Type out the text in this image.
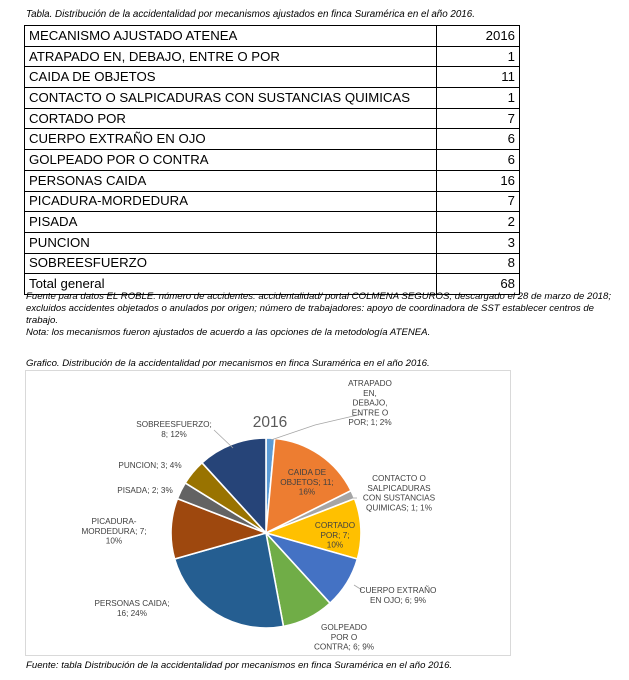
Tabla. Distribución de la accidentalidad por mecanismos ajustados en finca Suramérica en el año 2016.
MECANISMO AJUSTADO ATENEA	2016
ATRAPADO EN, DEBAJO, ENTRE O POR	1
CAIDA DE OBJETOS	11
CONTACTO O SALPICADURAS CON SUSTANCIAS QUIMICAS	1
CORTADO POR	7
CUERPO EXTRAÑO EN OJO	6
GOLPEADO POR O CONTRA	6
PERSONAS CAIDA	16
PICADURA-MORDEDURA	7
PISADA	2
PUNCION	3
SOBREESFUERZO	8
Total general	68
Fuente para datos EL ROBLE: número de accidentes: accidentalidad/ portal COLMENA SEGUROS; descargado el 28 de marzo de 2018; excluidos accidentes objetados o anulados por origen; número de trabajadores: apoyo de coordinadora de SST establecer centros de trabajo.
Nota: los mecanismos fueron ajustados de acuerdo a las opciones de la metodología ATENEA.
Grafico. Distribución de la accidentalidad por mecanismos en finca Suramérica en el año 2016.
2016
ATRAPADO EN, DEBAJO, ENTRE O POR; 1; 2%
CAIDA DE OBJETOS; 11; 16%
CONTACTO O SALPICADURAS CON SUSTANCIAS QUIMICAS; 1; 1%
CORTADO POR; 7; 10%
CUERPO EXTRAÑO EN OJO; 6; 9%
GOLPEADO POR O CONTRA; 6; 9%
PERSONAS CAIDA; 16; 24%
PICADURA-MORDEDURA; 7; 10%
PISADA; 2; 3%
PUNCION; 3; 4%
SOBREESFUERZO; 8; 12%
Fuente: tabla Distribución de la accidentalidad por mecanismos en finca Suramérica en el año 2016.
